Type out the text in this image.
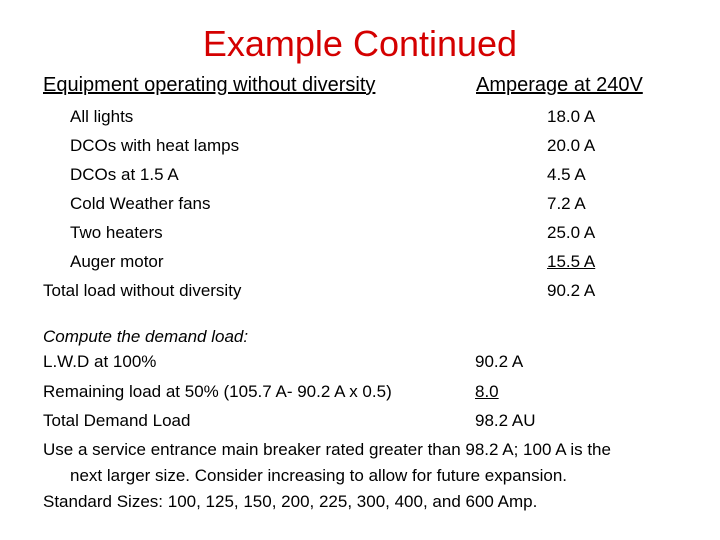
Example Continued
Equipment operating without diversity	Amperage at 240V
All lights	18.0 A
DCOs with heat lamps	20.0 A
DCOs at 1.5 A	4.5 A
Cold Weather fans	7.2 A
Two heaters	25.0 A
Auger motor	15.5 A
Total load without diversity	90.2 A
Compute the demand load:
L.W.D at 100%	90.2 A
Remaining load at 50% (105.7 A- 90.2 A x 0.5)	8.0
Total Demand Load	98.2 AU
Use a service entrance main breaker rated greater than 98.2 A; 100 A is the
next larger size. Consider increasing to allow for future expansion.
Standard Sizes: 100, 125, 150, 200, 225, 300, 400, and 600 Amp.
